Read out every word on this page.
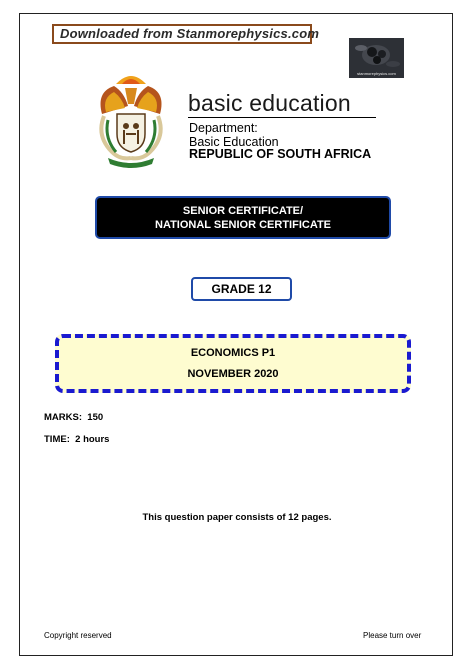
Downloaded from Stanmorephysics.com
stanmorephysics.com
basic education
Department:
Basic Education
REPUBLIC OF SOUTH AFRICA
SENIOR CERTIFICATE/
NATIONAL SENIOR CERTIFICATE
GRADE 12
ECONOMICS P1
NOVEMBER 2020
MARKS: 150
TIME: 2 hours
This question paper consists of 12 pages.
Copyright reserved	Please turn over
